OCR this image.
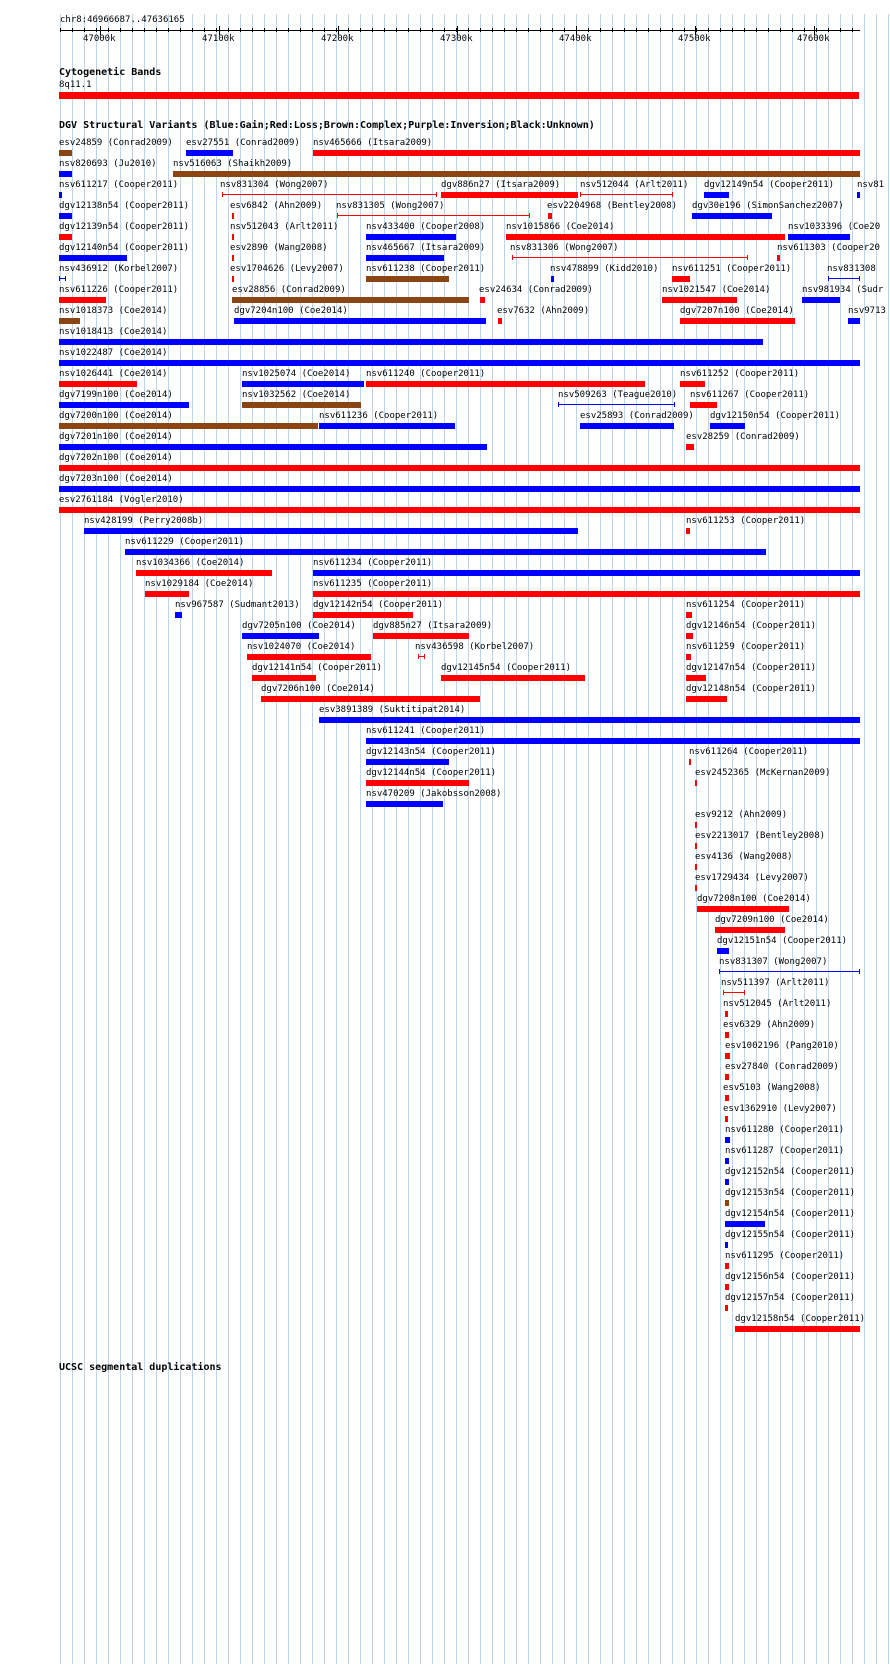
chr8:46966687..47636165
47000k	47100k	47200k	47300k	47400k	47500k	47600k
Cytogenetic Bands
8q11.1
DGV Structural Variants (Blue:Gain;Red:Loss;Brown:Complex;Purple:Inversion;Black:Unknown)
esv24859 (Conrad2009) esv27551 (Conrad2009) nsv465666 (Itsara2009)
nsv820693 (Ju2010) nsv516063 (Shaikh2009)
nsv611217 (Cooper2011)	nsv831304 (Wong2007)	dgv886n27 (Itsara2009) nsv512044 (Arlt2011) dgv12149n54 (Cooper2011)	nsv81
dgv12138n54 (Cooper2011)	esv6842 (Ahn2009) nsv831305 (Wong2007)	esv2204968 (Bentley2008) dgv30e196 (SimonSanchez2007)
dgv12139n54 (Cooper2011)	nsv512043 (Arlt2011)	nsv433400 (Cooper2008) nsv1015866 (Coe2014)	nsv1033396 (Coe20
dgv12140n54 (Cooper2011)	esv2890 (Wang2008)	nsv465667 (Itsara2009)	nsv831306 (Wong2007)	nsv611303 (Cooper20
nsv436912 (Korbel2007)	esv1704626 (Levy2007) nsv611238 (Cooper2011)	nsv478899 (Kidd2010) nsv611251 (Cooper2011)	nsv831308
nsv611226 (Cooper2011)	esv28856 (Conrad2009)	esv24634 (Conrad2009)	nsv1021547 (Coe2014)	nsv981934 (Sudr
nsv1018373 (Coe2014)	dgv7204n100 (Coe2014)	esv7632 (Ahn2009)	dgv7207n100 (Coe2014)	nsv9713
nsv1018413 (Coe2014)
nsv1022487 (Coe2014)
nsv1026441 (Coe2014)	nsv1025074 (Coe2014) nsv611240 (Cooper2011)	nsv611252 (Cooper2011)
dgv7199n100 (Coe2014)	nsv1032562 (Coe2014)	nsv509263 (Teague2010) nsv611267 (Cooper2011)
dgv7200n100 (Coe2014)	nsv611236 (Cooper2011)	esv25893 (Conrad2009) dgv12150n54 (Cooper2011)
dgv7201n100 (Coe2014)	esv28259 (Conrad2009)
dgv7202n100 (Coe2014)
dgv7203n100 (Coe2014)
esv2761184 (Vogler2010)
nsv428199 (Perry2008b)	nsv611253 (Cooper2011)
nsv611229 (Cooper2011)
nsv1034366 (Coe2014)	nsv611234 (Cooper2011)
nsv1029184 (Coe2014)	nsv611235 (Cooper2011)
nsv967587 (Sudmant2013) dgv12142n54 (Cooper2011)	nsv611254 (Cooper2011)
dgv7205n100 (Coe2014) dgv885n27 (Itsara2009)	dgv12146n54 (Cooper2011)
nsv1024070 (Coe2014)	nsv436598 (Korbel2007)	nsv611259 (Cooper2011)
dgv12141n54 (Cooper2011)	dgv12145n54 (Cooper2011)	dgv12147n54 (Cooper2011)
dgv7206n100 (Coe2014)	dgv12148n54 (Cooper2011)
esv3891389 (Suktitipat2014)
nsv611241 (Cooper2011)
dgv12143n54 (Cooper2011)	nsv611264 (Cooper2011)
dgv12144n54 (Cooper2011)	esv2452365 (McKernan2009)
nsv470209 (Jakobsson2008)
esv9212 (Ahn2009)
esv2213017 (Bentley2008)
esv4136 (Wang2008)
esv1729434 (Levy2007)
dgv7208n100 (Coe2014)
dgv7209n100 (Coe2014)
dgv12151n54 (Cooper2011)
nsv831307 (Wong2007)
nsv511397 (Arlt2011)
nsv512045 (Arlt2011)
esv6329 (Ahn2009)
esv1002196 (Pang2010)
esv27840 (Conrad2009)
esv5103 (Wang2008)
esv1362910 (Levy2007)
nsv611280 (Cooper2011)
nsv611287 (Cooper2011)
dgv12152n54 (Cooper2011)
dgv12153n54 (Cooper2011)
dgv12154n54 (Cooper2011)
dgv12155n54 (Cooper2011)
nsv611295 (Cooper2011)
dgv12156n54 (Cooper2011)
dgv12157n54 (Cooper2011)
dgv12158n54 (Cooper2011)
UCSC segmental duplications
